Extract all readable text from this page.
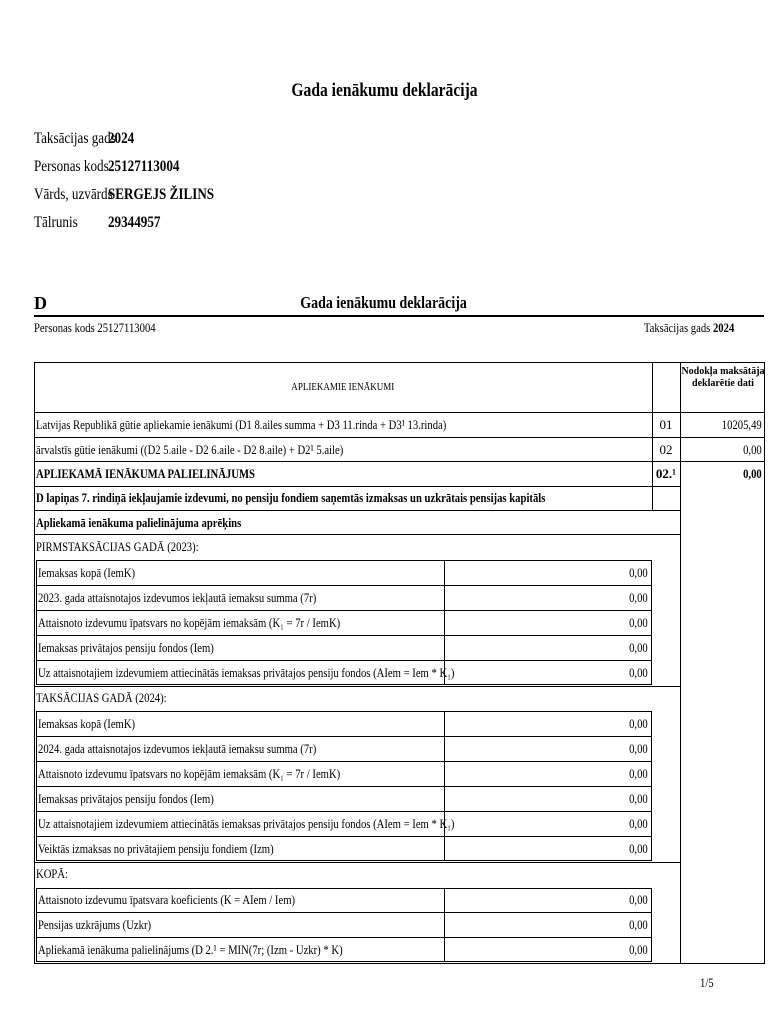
Gada ienākumu deklarācija
Taksācijas gads
2024
Personas kods 25127113004
Vārds, uzvārds
SERGEJS ŽILINS
Tālrunis 29344957
D	Gada ienākumu deklarācija
Personas kods 25127113004	Taksācijas gads 2024
APLIEKAMIE IENĀKUMI
Nodokļa maksātāja deklarētie dati
Latvijas Republikā gūtie apliekamie ienākumi (D1 8.ailes summa + D3 11.rinda + D3¹ 13.rinda)	01	10205,49
ārvalstīs gūtie ienākumi ((D2 5.aile - D2 6.aile - D2 8.aile) + D2¹ 5.aile)	02	0,00
APLIEKAMĀ IENĀKUMA PALIELINĀJUMS	02.¹	0,00
D lapiņas 7. rindiņā iekļaujamie izdevumi, no pensiju fondiem saņemtās izmaksas un uzkrātais pensijas kapitāls
Apliekamā ienākuma palielinājuma aprēķins
PIRMSTAKSĀCIJAS GADĀ (2023):
Iemaksas kopā (IemK)	0,00
2023. gada attaisnotajos izdevumos iekļautā iemaksu summa (7r)	0,00
Attaisnoto izdevumu īpatsvars no kopējām iemaksām (K₁ = 7r / IemK)	0,00
Iemaksas privātajos pensiju fondos (Iem)	0,00
Uz attaisnotajiem izdevumiem attiecinātās iemaksas privātajos pensiju fondos (AIem = Iem * K₁)	0,00
TAKSĀCIJAS GADĀ (2024):
Iemaksas kopā (IemK)	0,00
2024. gada attaisnotajos izdevumos iekļautā iemaksu summa (7r)	0,00
Attaisnoto izdevumu īpatsvars no kopējām iemaksām (K₁ = 7r / IemK)	0,00
Iemaksas privātajos pensiju fondos (Iem)	0,00
Uz attaisnotajiem izdevumiem attiecinātās iemaksas privātajos pensiju fondos (AIem = Iem * K₁)	0,00
Veiktās izmaksas no privātajiem pensiju fondiem (Izm)	0,00
KOPĀ:
Attaisnoto izdevumu īpatsvara koeficients (K = AIem / Iem)	0,00
Pensijas uzkrājums (Uzkr)	0,00
Apliekamā ienākuma palielinājums (D 2.¹ = MIN(7r; (Izm - Uzkr) * K)	0,00
1/5
